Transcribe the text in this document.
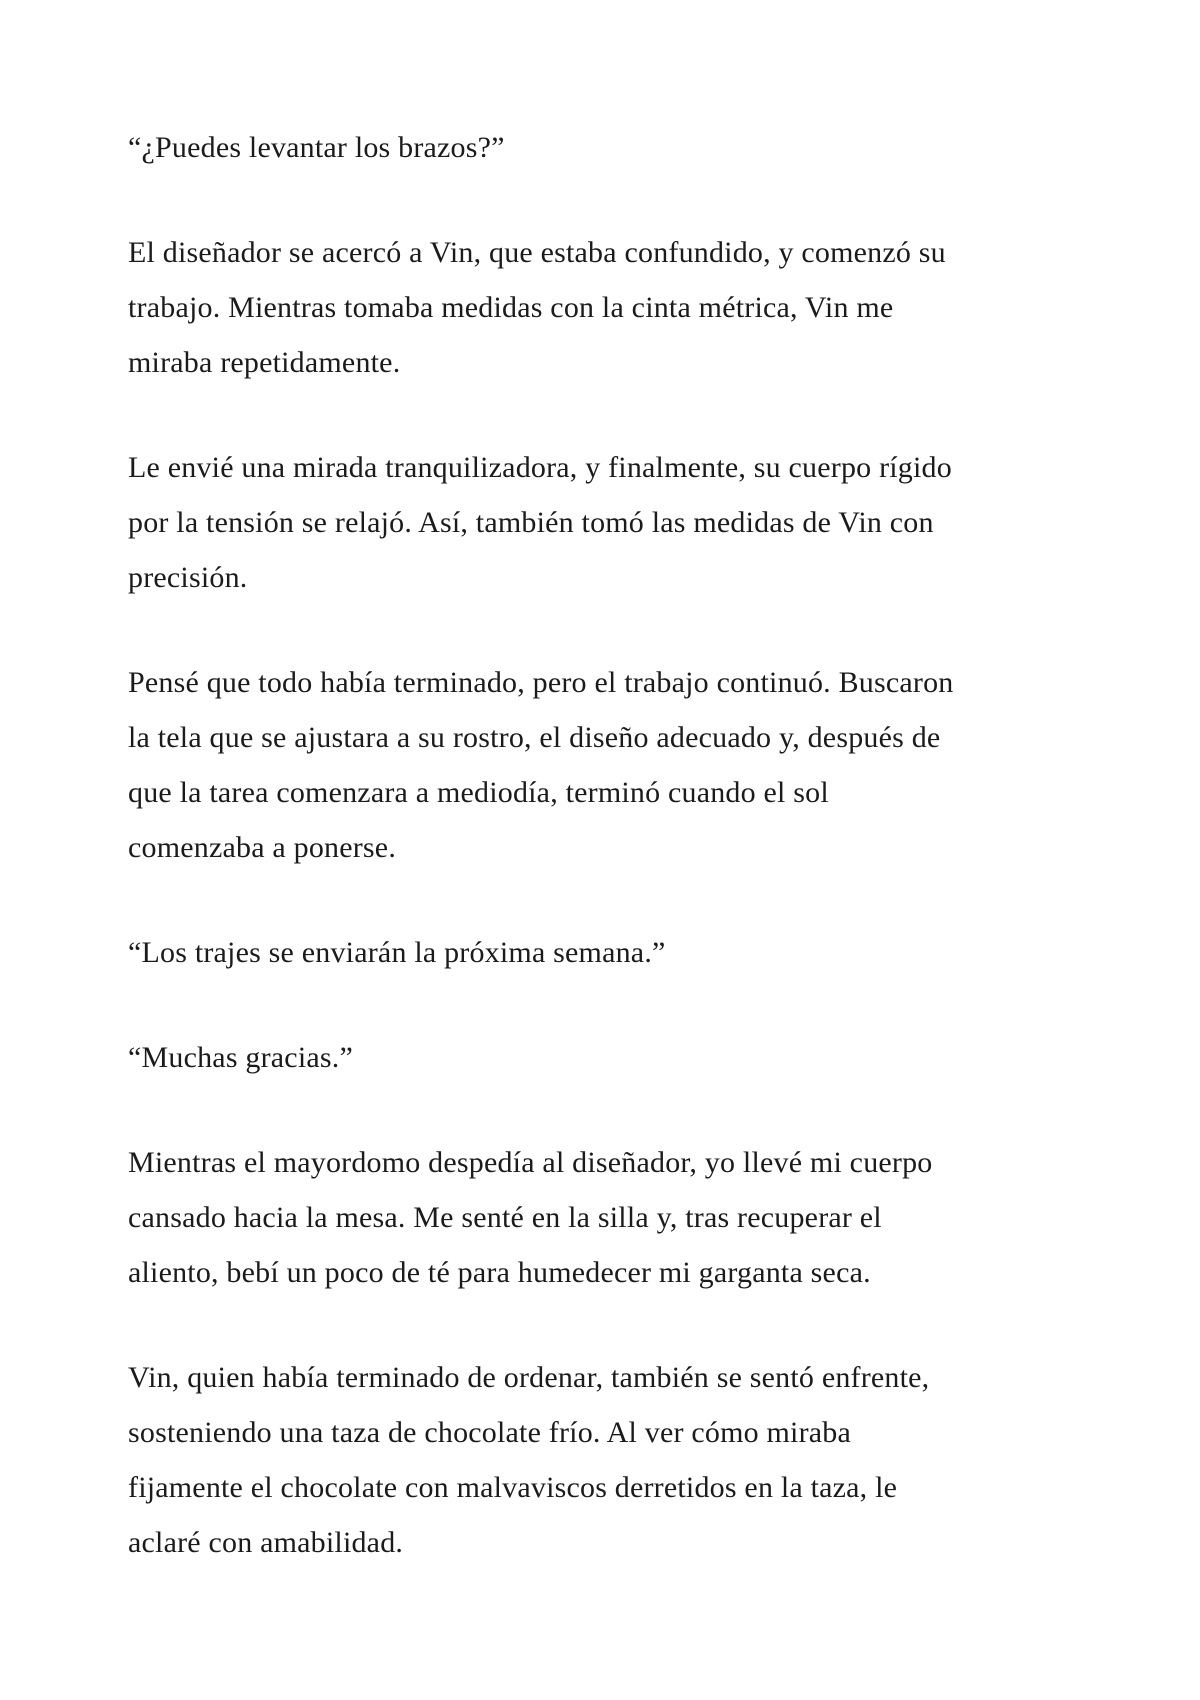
“¿Puedes levantar los brazos?”

El diseñador se acercó a Vin, que estaba confundido, y comenzó su
trabajo. Mientras tomaba medidas con la cinta métrica, Vin me
miraba repetidamente.

Le envié una mirada tranquilizadora, y finalmente, su cuerpo rígido
por la tensión se relajó. Así, también tomó las medidas de Vin con
precisión.

Pensé que todo había terminado, pero el trabajo continuó. Buscaron
la tela que se ajustara a su rostro, el diseño adecuado y, después de
que la tarea comenzara a mediodía, terminó cuando el sol
comenzaba a ponerse.

“Los trajes se enviarán la próxima semana.”

“Muchas gracias.”

Mientras el mayordomo despedía al diseñador, yo llevé mi cuerpo
cansado hacia la mesa. Me senté en la silla y, tras recuperar el
aliento, bebí un poco de té para humedecer mi garganta seca.

Vin, quien había terminado de ordenar, también se sentó enfrente,
sosteniendo una taza de chocolate frío. Al ver cómo miraba
fijamente el chocolate con malvaviscos derretidos en la taza, le
aclaré con amabilidad.
